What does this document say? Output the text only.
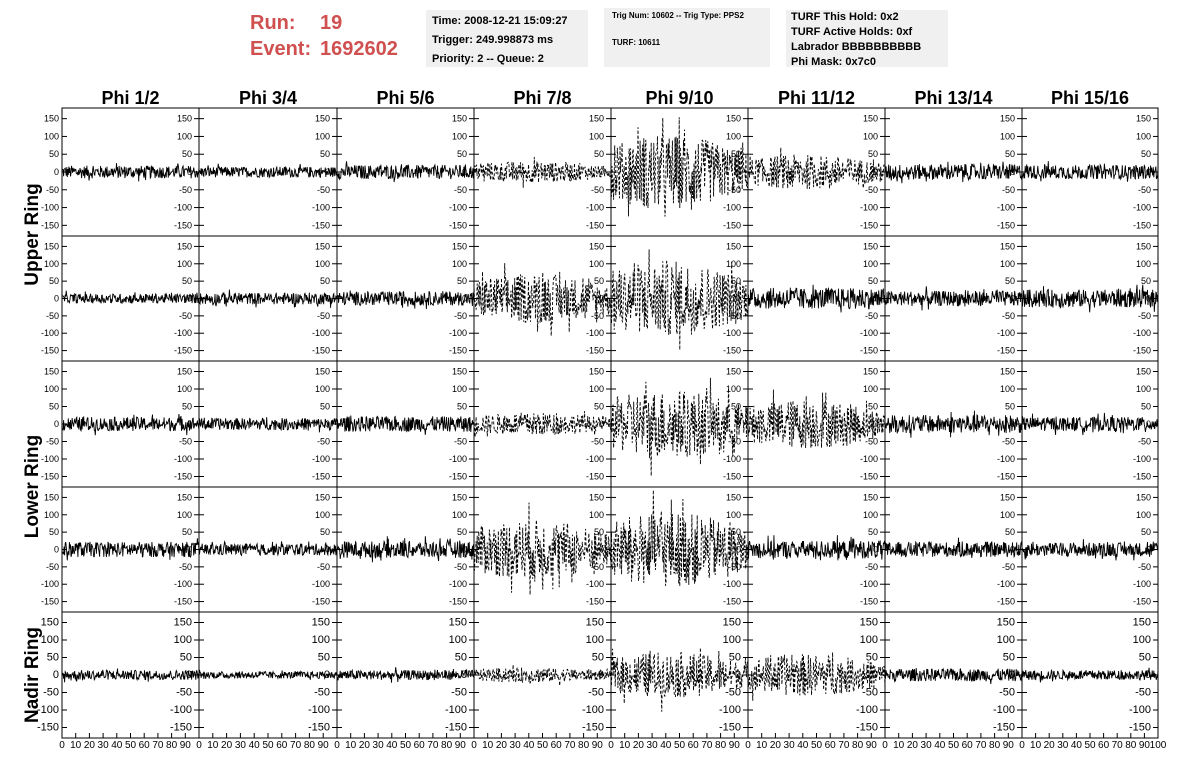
Run:	19
Event: 1692602
Time: 2008-12-21 15:09:27
Trigger: 249.998873 ms
Priority: 2 -- Queue: 2
Trig Num: 10602 -- Trig Type: PPS2
TURF: 10611
TURF This Hold: 0x2
TURF Active Holds: 0xf
Labrador BBBBBBBBBB
Phi Mask: 0x7c0
Phi 1/2	Phi 3/4	Phi 5/6	Phi 7/8	Phi 9/10	Phi 11/12	Phi 13/14	Phi 15/16
Upper Ring
Lower Ring
Nadir Ring
-150	-150
-100	-100
-50	-50
0	0
50	50
100	100
150	150
-150
-100
-50
0
50
100
150
-150
-100
-50
0
50
100
150
-150
-100
-50
0
50
100
150
-150
-100
-50
0
50
100
150
-150
-100
-50
0
50
100
150
-150
-100
-50
0
50
100
150
-150
-100
-50
0
50
100
150
-150	-150
-100	-100
-50	-50
0	0
50	50
100	100
150	150
-150
-100
-50
0
50
100
150
-150
-100
-50
0
50
100
150
-150
-100
-50
0
50
100
150
-150
-100
-50
0
50
100
150
-150
-100
-50
0
50
100
150
-150
-100
-50
0
50
100
150
-150
-100
-50
0
50
100
150
-150	-150
-100	-100
-50	-50
0	0
50	50
100	100
150	150
-150
-100
-50
0
50
100
150
-150
-100
-50
0
50
100
150
-150
-100
-50
0
50
100
150
-150
-100
-50
0
50
100
150
-150
-100
-50
0
50
100
150
-150
-100
-50
0
50
100
150
-150
-100
-50
0
50
100
150
-150	-150
-100	-100
-50	-50
0	0
50	50
100	100
150	150
-150
-100
-50
0
50
100
150
-150
-100
-50
0
50
100
150
-150
-100
-50
0
50
100
150
-150
-100
-50
0
50
100
150
-150
-100
-50
0
50
100
150
-150
-100
-50
0
50
100
150
-150
-100
-50
0
50
100
150
-150	-150
-100	-100
-50	-50
0	0
50	50
100	100
150	150
0 10 20 30 40 50 60 70 80 90
-150
-100
-50
0
50
100
150
0 10 20 30 40 50 60 70 80 90
-150
-100
-50
0
50
100
150
0 10 20 30 40 50 60 70 80 90
-150
-100
-50
0
50
100
150
0 10 20 30 40 50 60 70 80 90
-150
-100
-50
0
50
100
150
0 10 20 30 40 50 60 70 80 90
-150
-100
-50
0
50
100
150
0 10 20 30 40 50 60 70 80 90
-150
-100
-50
0
50
100
150
0 10 20 30 40 50 60 70 80 90
-150
-100
-50
0
50
100
150
0 10 20 30 40 50 60 70 80 90 100
